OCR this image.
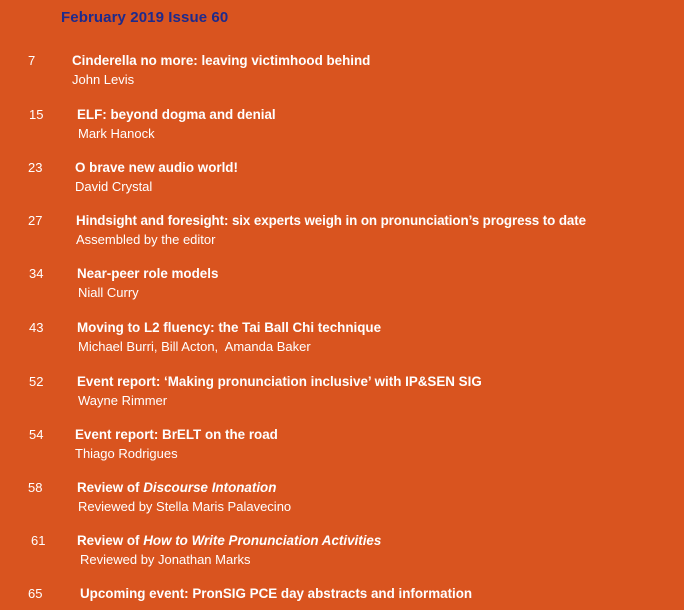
February 2019 Issue 60
7	Cinderella no more: leaving victimhood behind
John Levis
15	ELF: beyond dogma and denial
Mark Hanock
23 O brave new audio world!
David Crystal
27	Hindsight and foresight: six experts weigh in on pronunciation’s progress to date
Assembled by the editor
34	Near-peer role models
Niall Curry
43	Moving to L2 fluency: the Tai Ball Chi technique
Michael Burri, Bill Acton,  Amanda Baker
52	Event report: ‘Making pronunciation inclusive’ with IP&SEN SIG
Wayne Rimmer
54 Event report: BrELT on the road
Thiago Rodrigues
58	Review of Discourse Intonation
Reviewed by Stella Maris Palavecino
61 Review of How to Write Pronunciation Activities
Reviewed by Jonathan Marks
65	Upcoming event: PronSIG PCE day abstracts and information
